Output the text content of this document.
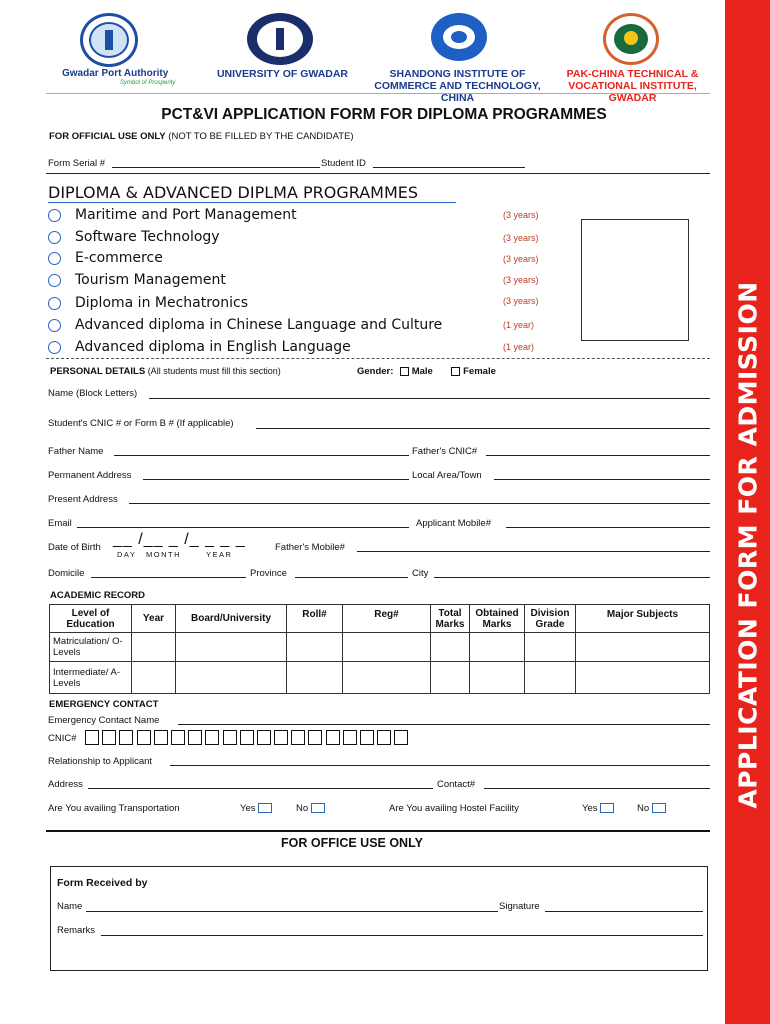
Gwadar Port Authority
Symbol of Prosperity
UNIVERSITY OF GWADAR	SHANDONG INSTITUTE OF
COMMERCE AND TECHNOLOGY, CHINA
PAK-CHINA TECHNICAL &
VOCATIONAL INSTITUTE, GWADAR
PCT&VI APPLICATION FORM FOR DIPLOMA PROGRAMMES
FOR OFFICIAL USE ONLY (NOT TO BE FILLED BY THE CANDIDATE)
Form Serial #	Student ID
DIPLOMA & ADVANCED DIPLMA PROGRAMMES
Maritime and Port Management	(3 years)
Software Technology	(3 years)
E-commerce	(3 years)
Tourism Management	(3 years)
Diploma in Mechatronics	(3 years)
Advanced diploma in Chinese Language and Culture	(1 year)
Advanced diploma in English Language	(1 year)
PERSONAL DETAILS (All students must fill this section)	Gender: Male	Female
Name (Block Letters)
Student's CNIC # or Form B # (If applicable)
Father Name	Father's CNIC#
Permanent Address	Local Area/Town
Present Address
Email	Applicant Mobile#
Date of Birth __ /__ _ /_ _ _ _
DAY MONTH	YEAR
Father's Mobile#
Domicile	Province	City
ACADEMIC RECORD
Level of Education	Year	Board/University	Roll#	Reg#	Total Marks	Obtained Marks	Division Grade	Major Subjects
Matriculation/ O-Levels								
Intermediate/ A-Levels								
EMERGENCY CONTACT
Emergency Contact Name
CNIC#
Relationship to Applicant
Address	Contact#
Are You availing Transportation	Yes	No	Are You availing Hostel Facility	Yes	No
FOR OFFICE USE ONLY
Form Received by
Name	Signature
Remarks
APPLICATION FORM FOR ADMISSION
